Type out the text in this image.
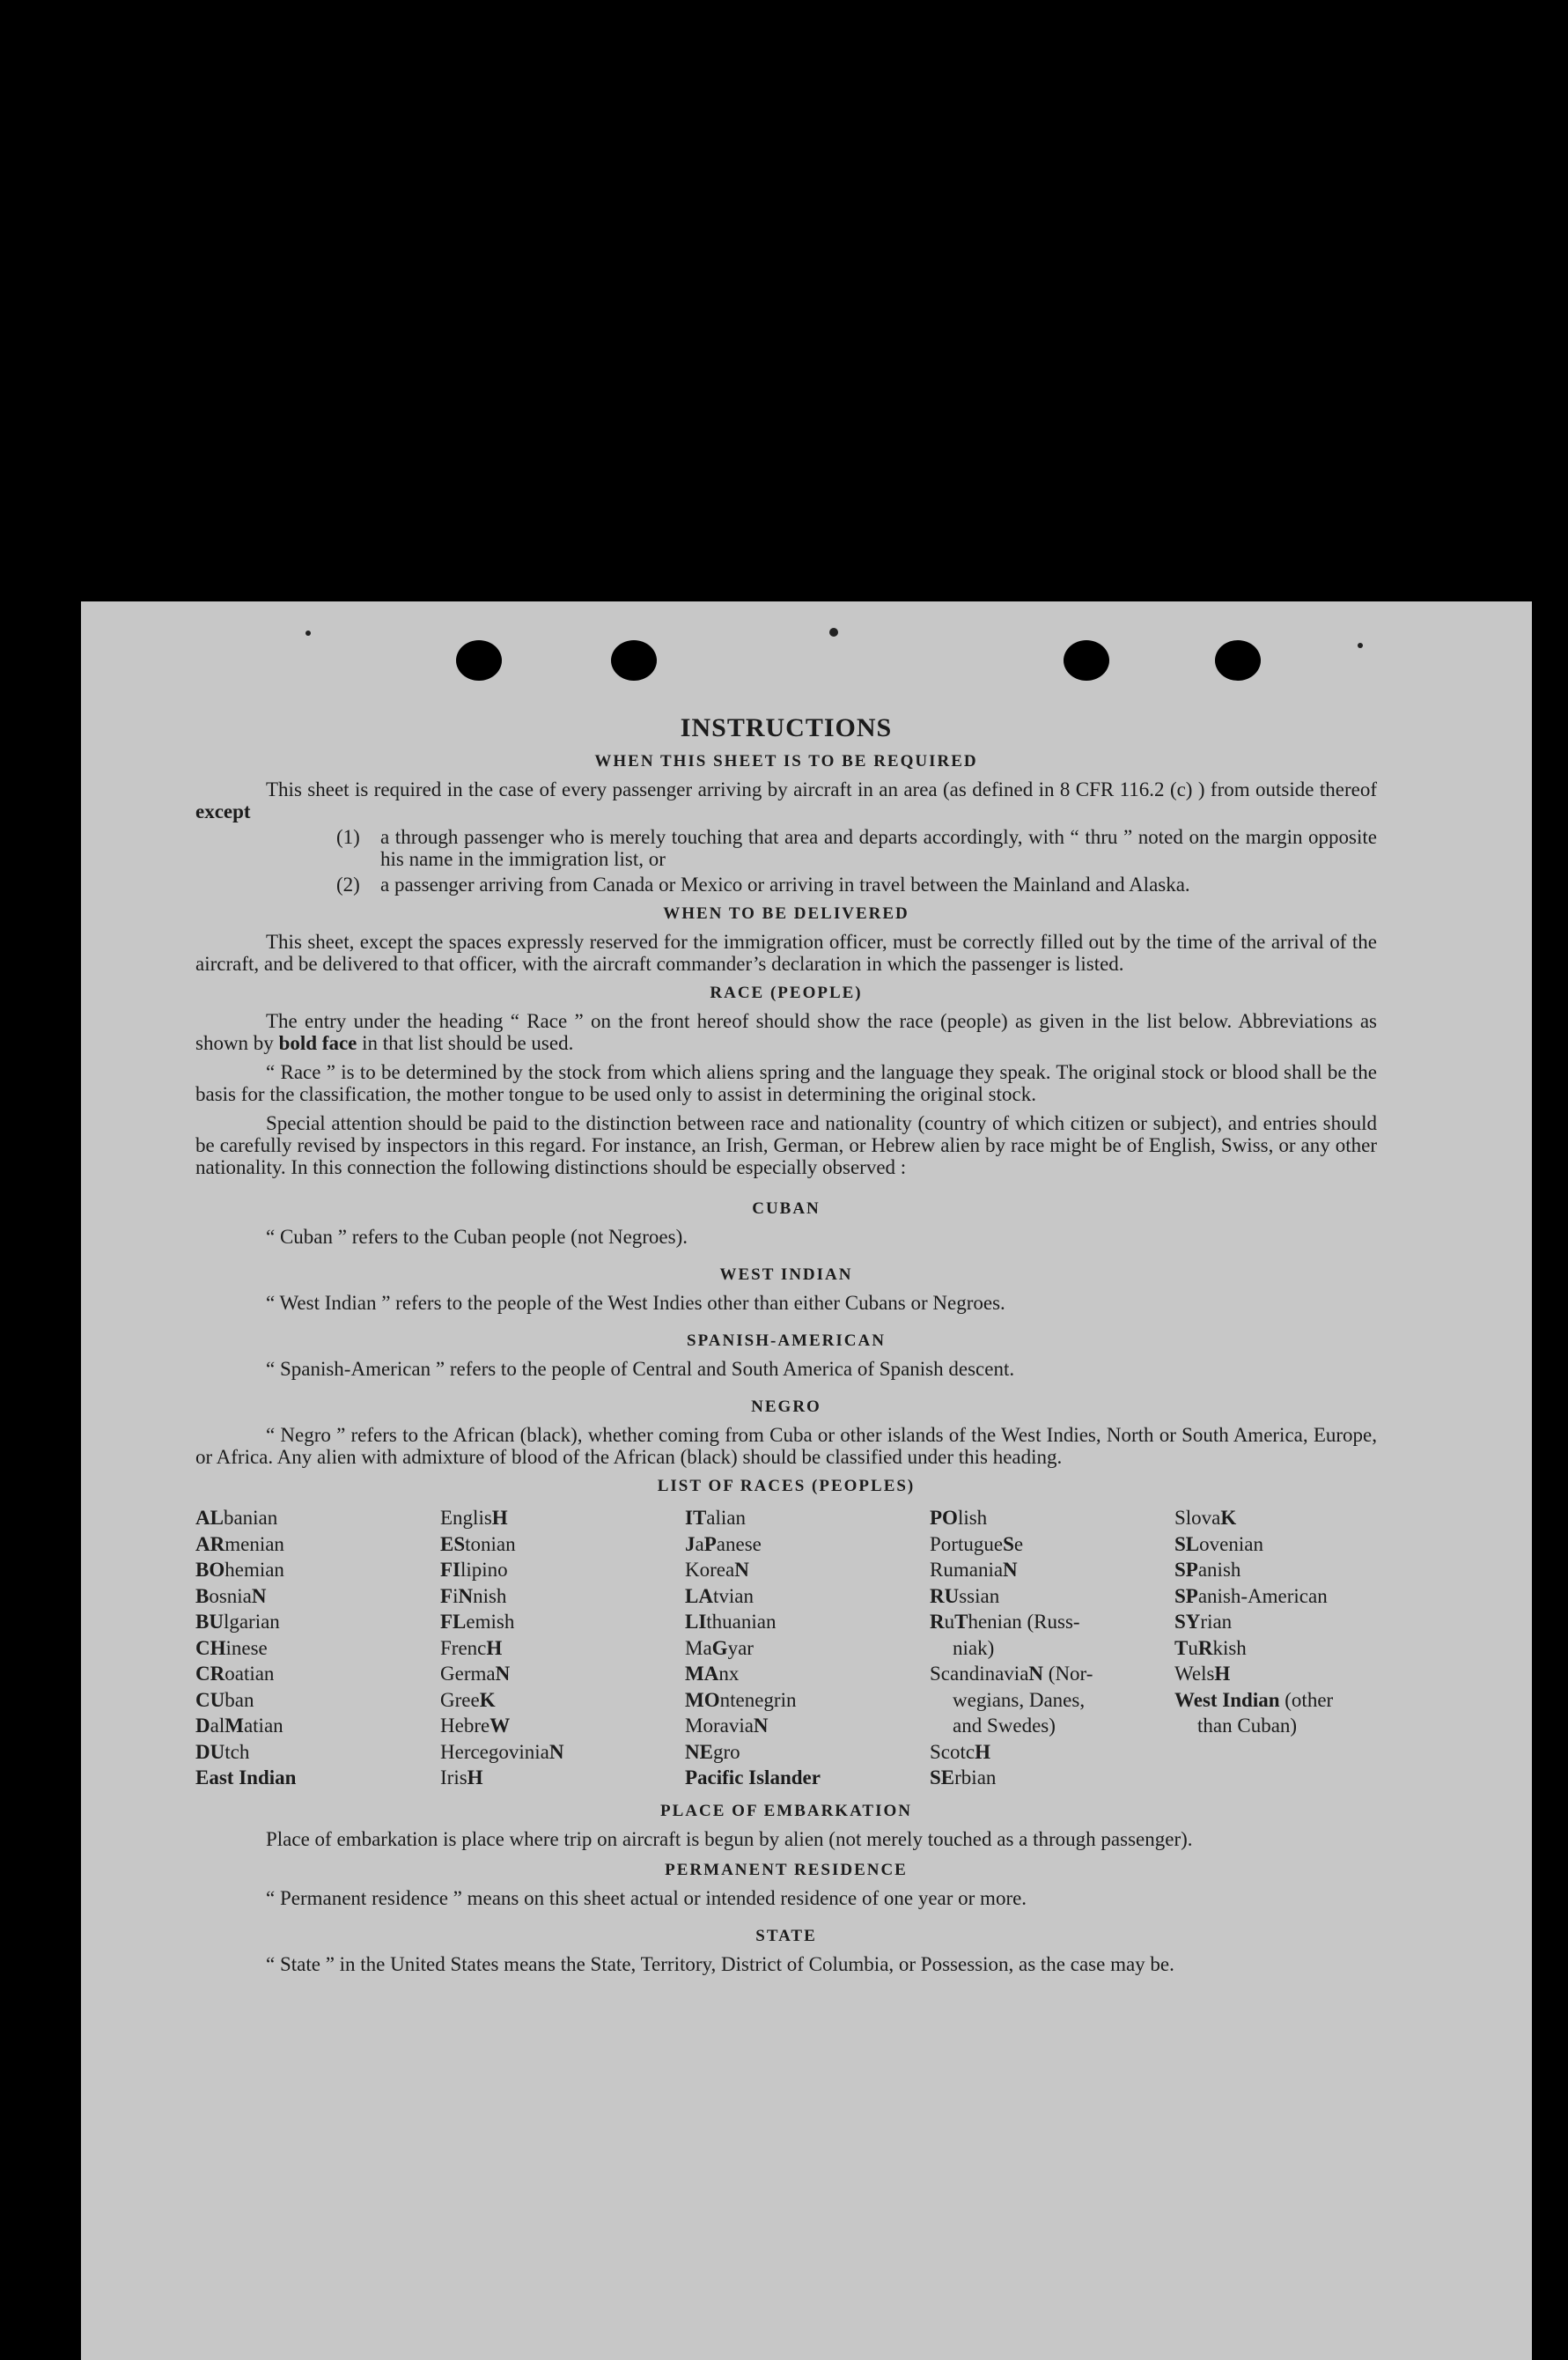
INSTRUCTIONS
WHEN THIS SHEET IS TO BE REQUIRED

This sheet is required in the case of every passenger arriving by aircraft in an area (as defined in 8 CFR 116.2 (c) ) from outside thereof except

(1)	a through passenger who is merely touching that area and departs accordingly, with “ thru ” noted on the margin opposite his name in the immigration list, or
(2)	a passenger arriving from Canada or Mexico or arriving in travel between the Mainland and Alaska.
WHEN TO BE DELIVERED

This sheet, except the spaces expressly reserved for the immigration officer, must be correctly filled out by the time of the arrival of the aircraft, and be delivered to that officer, with the aircraft commander’s declaration in which the passenger is listed.

RACE (PEOPLE)

The entry under the heading “ Race ” on the front hereof should show the race (people) as given in the list below. Abbreviations as shown by bold face in that list should be used.

“ Race ” is to be determined by the stock from which aliens spring and the language they speak. The original stock or blood shall be the basis for the classification, the mother tongue to be used only to assist in determining the original stock.

Special attention should be paid to the distinction between race and nationality (country of which citizen or subject), and entries should be carefully revised by inspectors in this regard. For instance, an Irish, German, or Hebrew alien by race might be of English, Swiss, or any other nationality. In this connection the following distinctions should be especially observed :

CUBAN

“ Cuban ” refers to the Cuban people (not Negroes).

WEST INDIAN

“ West Indian ” refers to the people of the West Indies other than either Cubans or Negroes.

SPANISH-AMERICAN

“ Spanish-American ” refers to the people of Central and South America of Spanish descent.

NEGRO

“ Negro ” refers to the African (black), whether coming from Cuba or other islands of the West Indies, North or South America, Europe, or Africa. Any alien with admixture of blood of the African (black) should be classified under this heading.

LIST OF RACES (PEOPLES)
ALbanian
ARmenian
BOhemian
BosniaN
BUlgarian
CHinese
CRoatian
CUban
DalMatian
DUtch
East Indian
EnglisH
EStonian
FIlipino
FiNnish
FLemish
FrencH
GermaN
GreeK
HebreW
HercegoviniaN
IrisH
ITalian
JaPanese
KoreaN
LAtvian
LIthuanian
MaGyar
MAnx
MOntenegrin
MoraviaN
NEgro
Pacific Islander
POlish
PortugueSe
RumaniaN
RUssian
RuThenian (Russ-
niak)
ScandinaviaN (Nor-
wegians, Danes,
and Swedes)
ScotcH
SErbian
SlovaK
SLovenian
SPanish
SPanish-American
SYrian
TuRkish
WelsH
West Indian (other
than Cuban)
PLACE OF EMBARKATION

Place of embarkation is place where trip on aircraft is begun by alien (not merely touched as a through passenger).

PERMANENT RESIDENCE

“ Permanent residence ” means on this sheet actual or intended residence of one year or more.

STATE

“ State ” in the United States means the State, Territory, District of Columbia, or Possession, as the case may be.
